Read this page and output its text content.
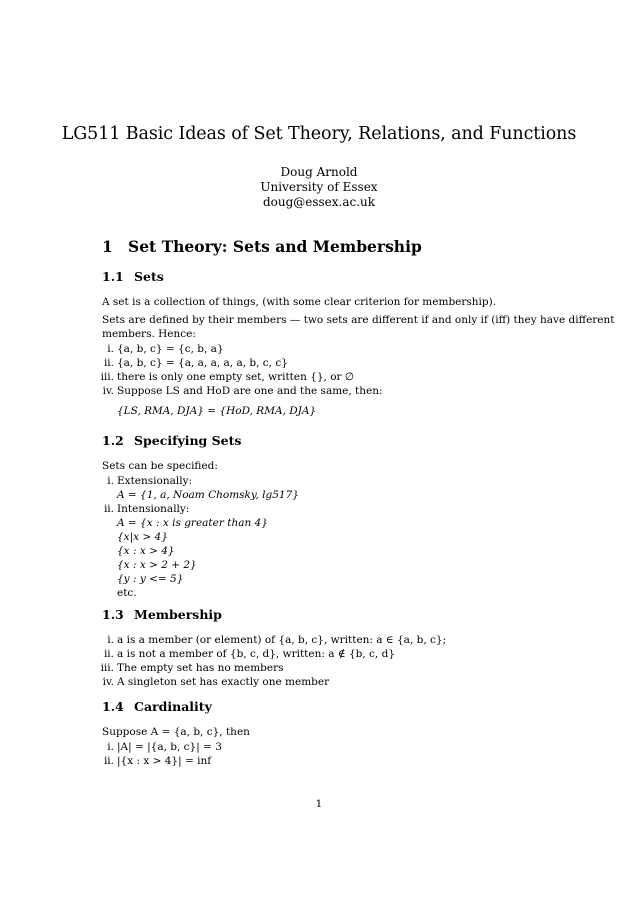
LG511 Basic Ideas of Set Theory, Relations, and Functions
Doug Arnold
University of Essex
doug@essex.ac.uk
1 Set Theory: Sets and Membership
1.1 Sets
A set is a collection of things, (with some clear criterion for membership).
Sets are defined by their members — two sets are different if and only if (iff) they have different
members. Hence:
i. {a, b, c} = {c, b, a}
ii. {a, b, c} = {a, a, a, a, a, b, c, c}
iii. there is only one empty set, written {}, or ∅
iv. Suppose LS and HoD are one and the same, then:
{LS, RMA, DJA} = {HoD, RMA, DJA}
1.2 Specifying Sets
Sets can be specified:
i. Extensionally:
A = {1, a, Noam Chomsky, lg517}
ii. Intensionally:
A = {x : x is greater than 4}
{x|x > 4}
{x : x > 4}
{x : x > 2 + 2}
{y : y <= 5}
etc.
1.3 Membership
i. a is a member (or element) of {a, b, c}, written: a ∈ {a, b, c};
ii. a is not a member of {b, c, d}, written: a ∉ {b, c, d}
iii. The empty set has no members
iv. A singleton set has exactly one member
1.4 Cardinality
Suppose A = {a, b, c}, then
i. |A| = |{a, b, c}| = 3
ii. |{x : x > 4}| = inf
1
